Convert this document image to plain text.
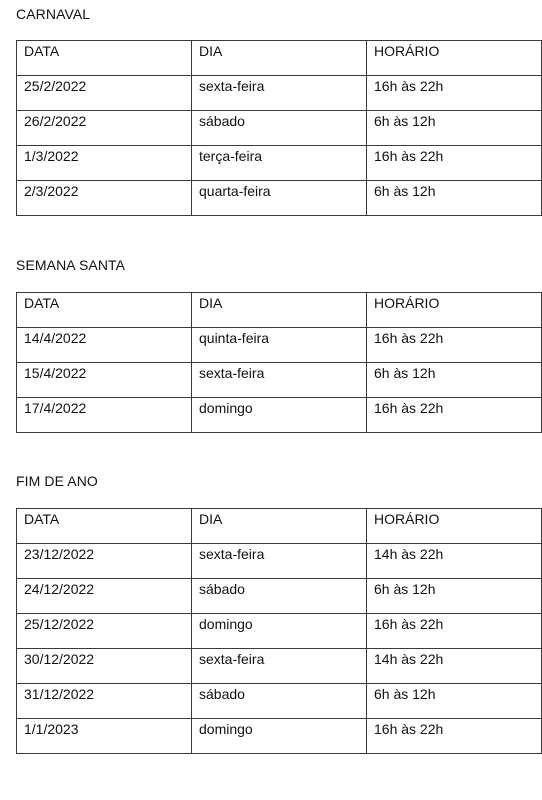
CARNAVAL
DATA	DIA	HORÁRIO

25/2/2022	sexta-feira	16h às 22h

26/2/2022	sábado	6h às 12h

1/3/2022	terça-feira	16h às 22h

2/3/2022	quarta-feira	6h às 12h
SEMANA SANTA
DATA	DIA	HORÁRIO

14/4/2022	quinta-feira	16h às 22h

15/4/2022	sexta-feira	6h às 12h

17/4/2022	domingo	16h às 22h
FIM DE ANO
DATA	DIA	HORÁRIO

23/12/2022	sexta-feira	14h às 22h

24/12/2022	sábado	6h às 12h

25/12/2022	domingo	16h às 22h

30/12/2022	sexta-feira	14h às 22h

31/12/2022	sábado	6h às 12h

1/1/2023	domingo	16h às 22h
